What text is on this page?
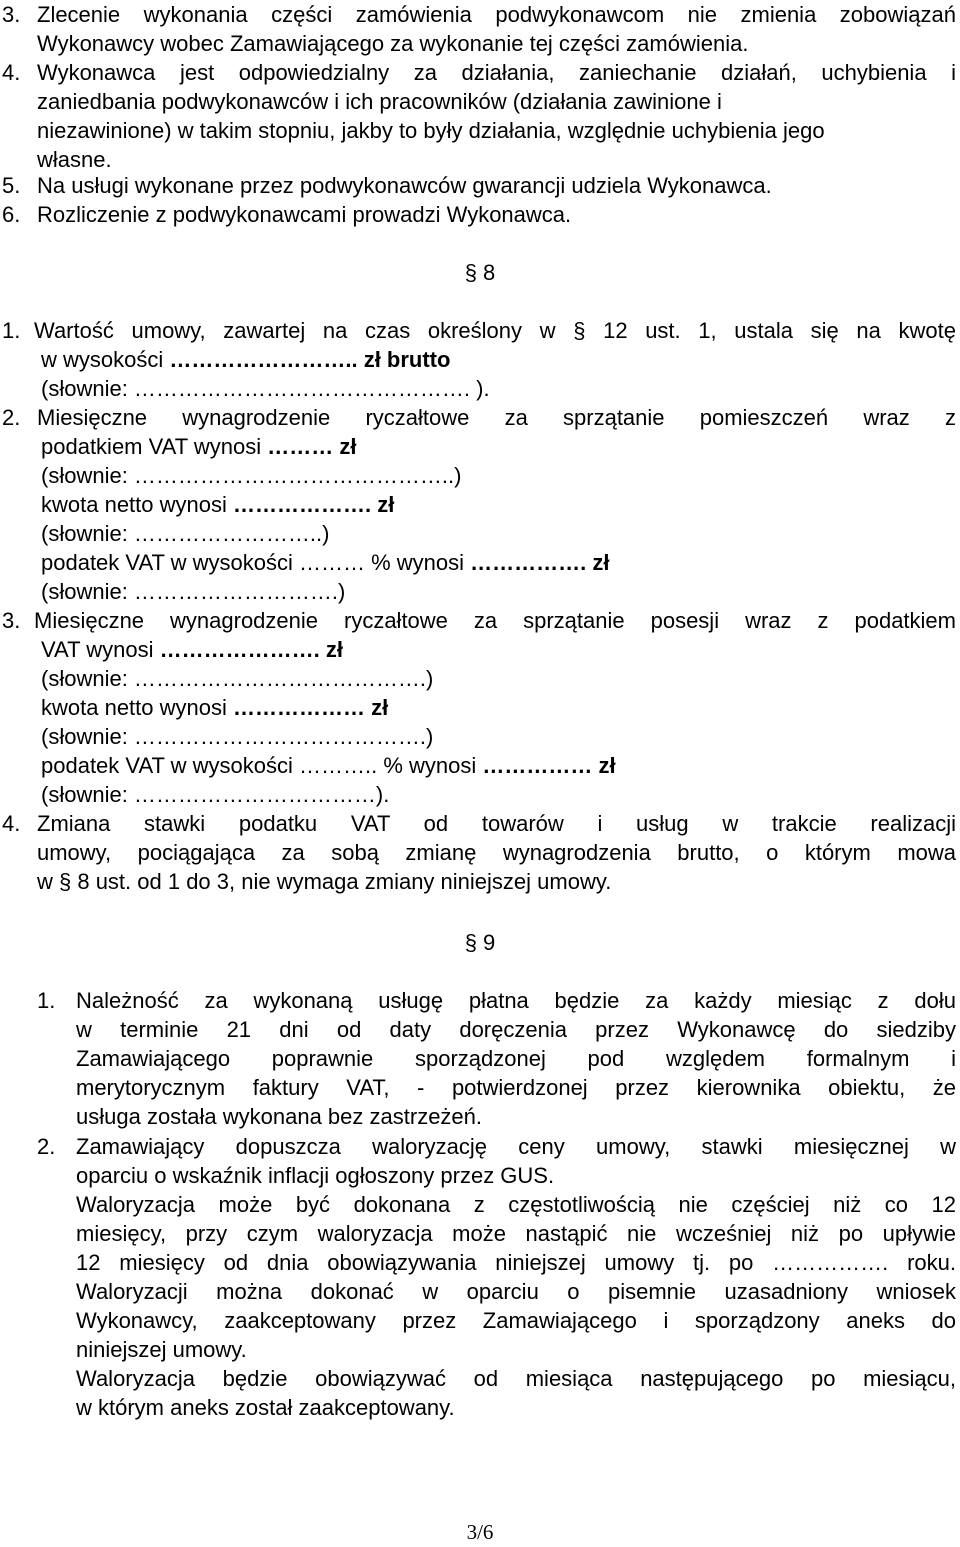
3. Zlecenie wykonania części zamówienia podwykonawcom nie zmienia zobowiązań
Wykonawcy wobec Zamawiającego za wykonanie tej części zamówienia.
4. Wykonawca jest odpowiedzialny za działania, zaniechanie działań, uchybienia i
zaniedbania podwykonawców i ich pracowników (działania zawinione i
niezawinione) w takim stopniu, jakby to były działania, względnie uchybienia jego
własne.
5. Na usługi wykonane przez podwykonawców gwarancji udziela Wykonawca.
6. Rozliczenie z podwykonawcami prowadzi Wykonawca.
§ 8
1. Wartość umowy, zawartej na czas określony w § 12 ust. 1, ustala się na kwotę
w wysokości …………………….. zł brutto
(słownie: ………………………………………. ).
2. Miesięczne wynagrodzenie ryczałtowe za sprzątanie pomieszczeń wraz z
podatkiem VAT wynosi ……… zł
(słownie: ……………………………………..)
kwota netto wynosi ………………. zł
(słownie: ……………………..)
podatek VAT w wysokości ……… % wynosi ……………. zł
(słownie: ……………………….)
3. Miesięczne wynagrodzenie ryczałtowe za sprzątanie posesji wraz z podatkiem
VAT wynosi …………………. zł
(słownie: ………………………………….)
kwota netto wynosi ……………… zł
(słownie: ………………………………….)
podatek VAT w wysokości ……….. % wynosi …………… zł
(słownie: ……………………………).
4. Zmiana stawki podatku VAT od towarów i usług w trakcie realizacji
umowy, pociągająca za sobą zmianę wynagrodzenia brutto, o którym mowa
w § 8 ust. od 1 do 3, nie wymaga zmiany niniejszej umowy.
§ 9
1. Należność za wykonaną usługę płatna będzie za każdy miesiąc z dołu
w terminie 21 dni od daty doręczenia przez Wykonawcę do siedziby
Zamawiającego poprawnie sporządzonej pod względem formalnym i
merytorycznym faktury VAT, - potwierdzonej przez kierownika obiektu, że
usługa została wykonana bez zastrzeżeń.
2. Zamawiający dopuszcza waloryzację ceny umowy, stawki miesięcznej w
oparciu o wskaźnik inflacji ogłoszony przez GUS.
Waloryzacja może być dokonana z częstotliwością nie częściej niż co 12
miesięcy, przy czym waloryzacja może nastąpić nie wcześniej niż po upływie
12 miesięcy od dnia obowiązywania niniejszej umowy tj. po ……………. roku.
Waloryzacji można dokonać w oparciu o pisemnie uzasadniony wniosek
Wykonawcy, zaakceptowany przez Zamawiającego i sporządzony aneks do
niniejszej umowy.
Waloryzacja będzie obowiązywać od miesiąca następującego po miesiącu,
w którym aneks został zaakceptowany.
3/6
